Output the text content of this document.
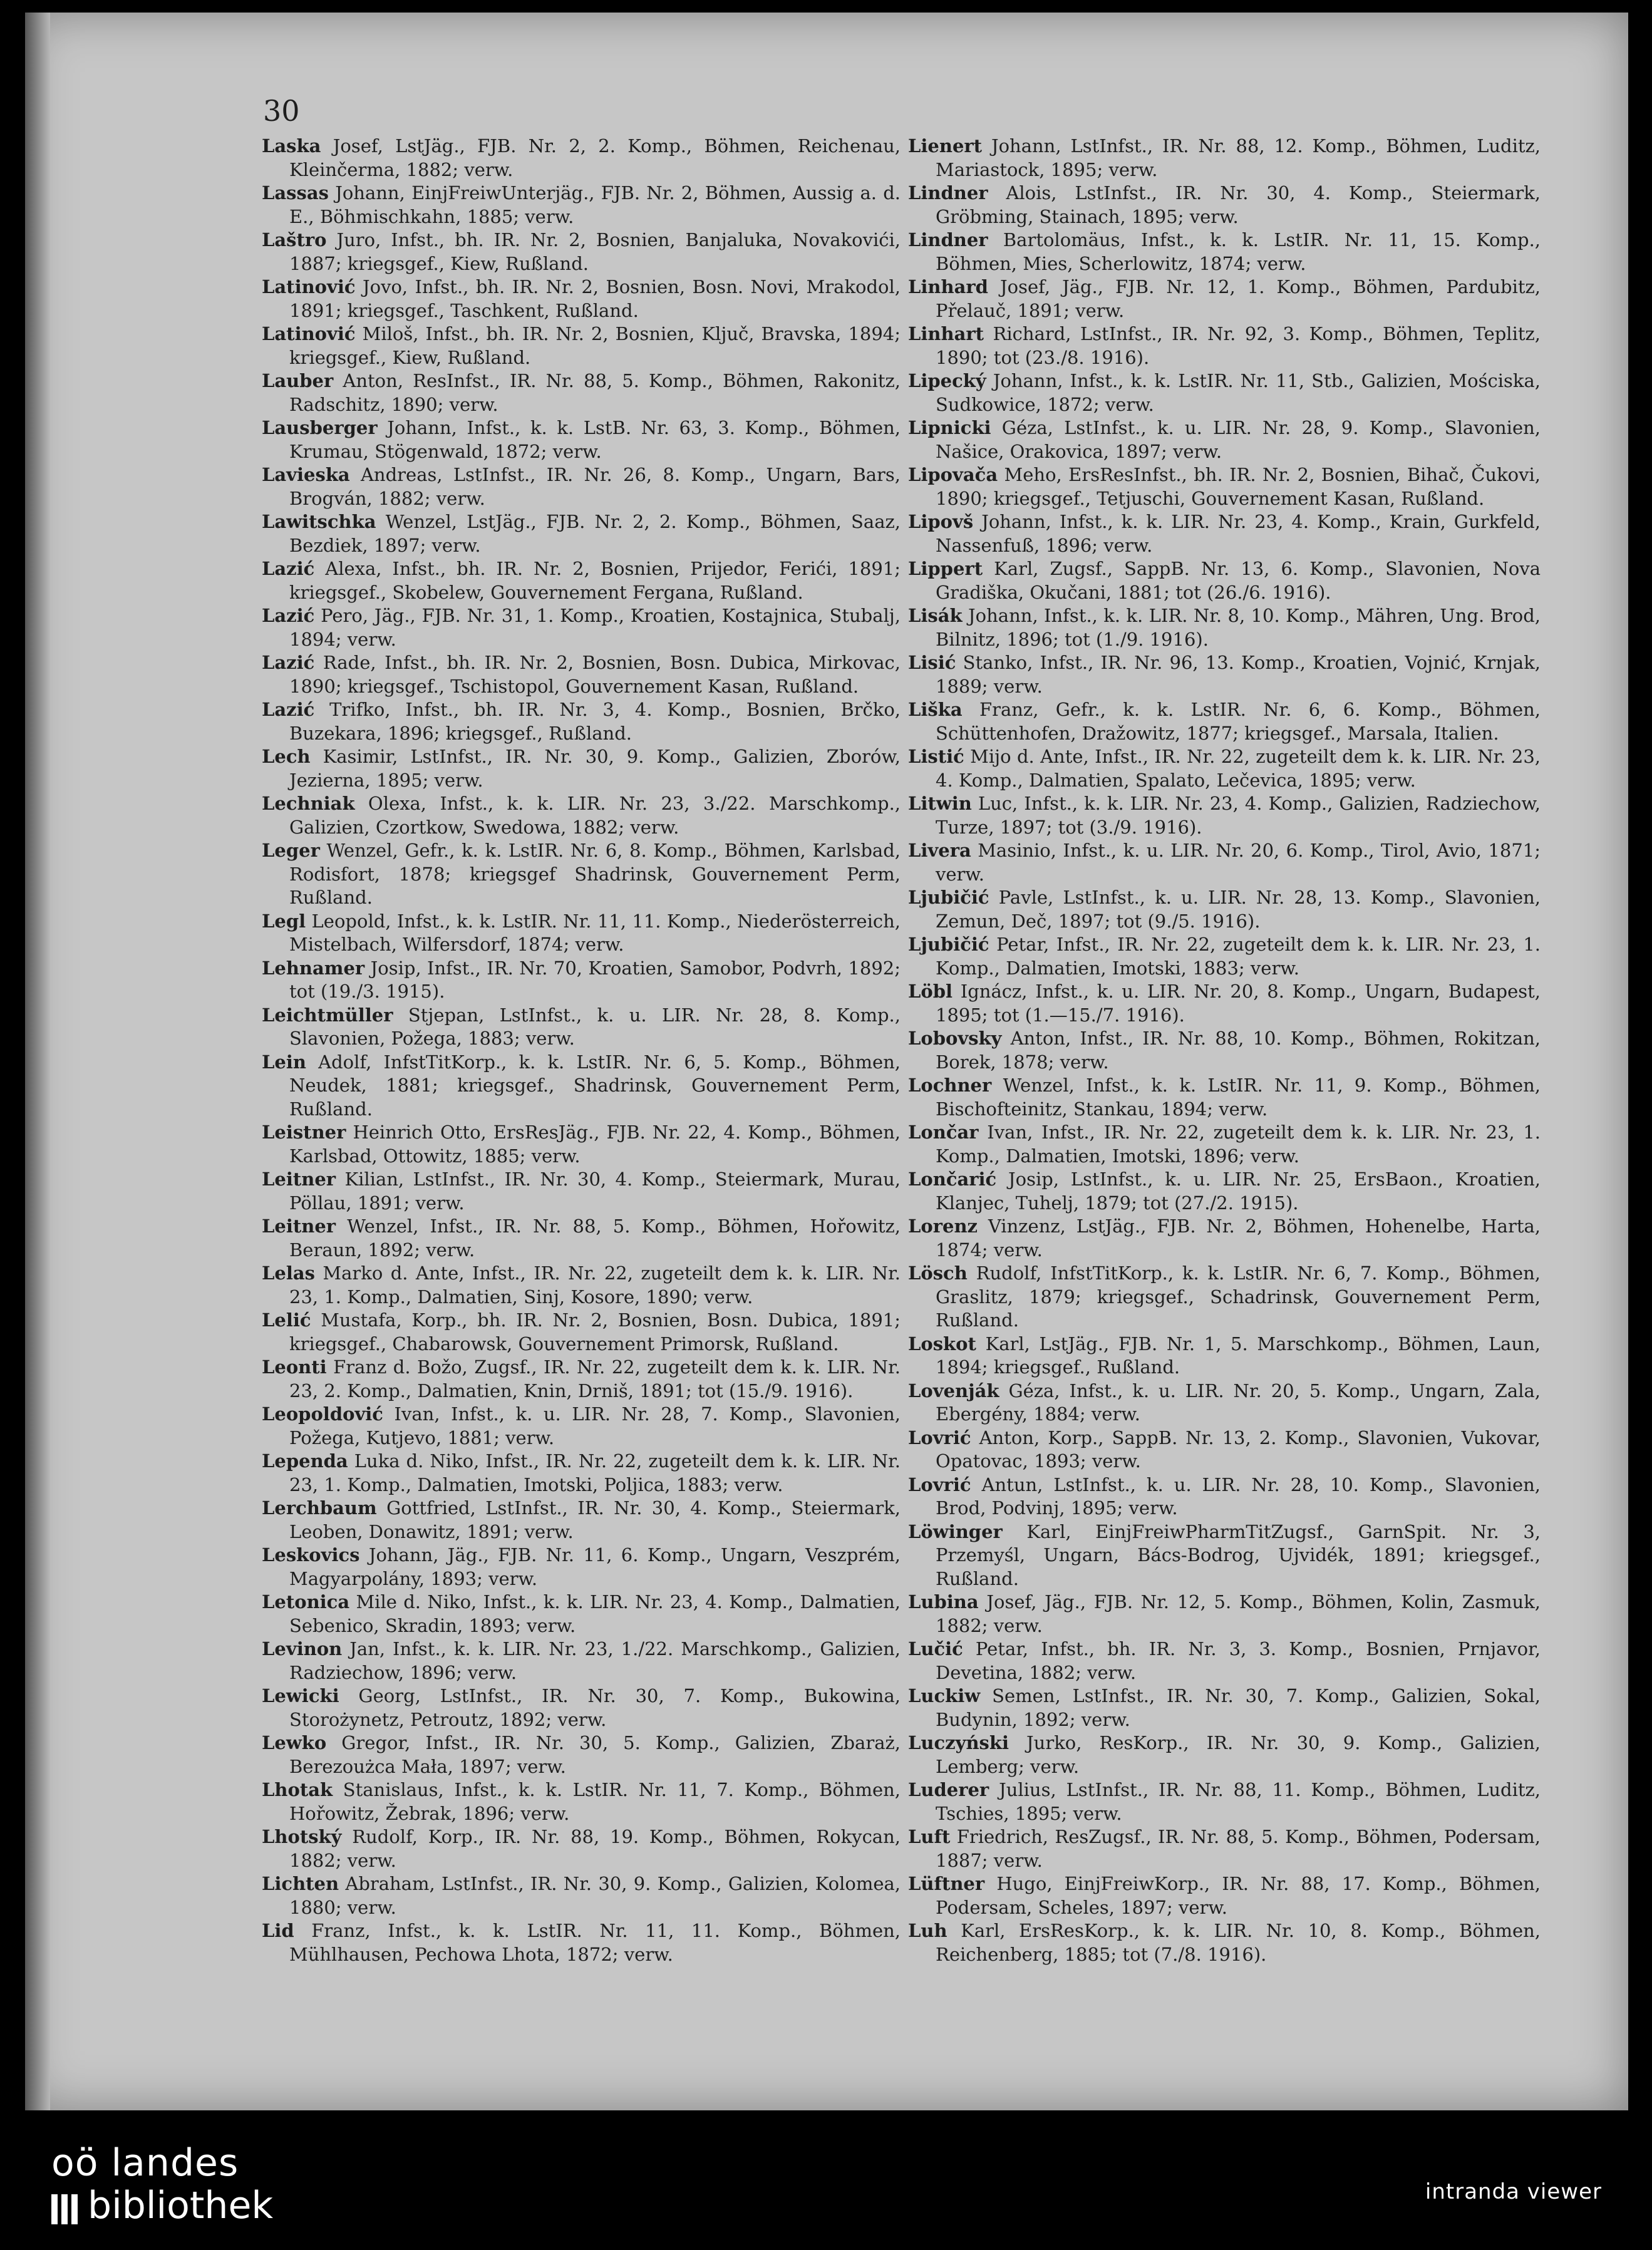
30

Laska Josef, LstJäg., FJB. Nr. 2, 2. Komp., Böhmen, Reichenau, Kleinčerma, 1882; verw.

Lassas Johann, EinjFreiwUnterjäg., FJB. Nr. 2, Böhmen, Aussig a. d. E., Böhmischkahn, 1885; verw.

Laštro Juro, Infst., bh. IR. Nr. 2, Bosnien, Banjaluka, Novakovići, 1887; kriegsgef., Kiew, Rußland.

Latinović Jovo, Infst., bh. IR. Nr. 2, Bosnien, Bosn. Novi, Mrakodol, 1891; kriegsgef., Taschkent, Rußland.

Latinović Miloš, Infst., bh. IR. Nr. 2, Bosnien, Ključ, Bravska, 1894; kriegsgef., Kiew, Rußland.

Lauber Anton, ResInfst., IR. Nr. 88, 5. Komp., Böhmen, Rakonitz, Radschitz, 1890; verw.

Lausberger Johann, Infst., k. k. LstB. Nr. 63, 3. Komp., Böhmen, Krumau, Stögenwald, 1872; verw.

Lavieska Andreas, LstInfst., IR. Nr. 26, 8. Komp., Ungarn, Bars, Brogván, 1882; verw.

Lawitschka Wenzel, LstJäg., FJB. Nr. 2, 2. Komp., Böhmen, Saaz, Bezdiek, 1897; verw.

Lazić Alexa, Infst., bh. IR. Nr. 2, Bosnien, Prijedor, Ferići, 1891; kriegsgef., Skobelew, Gouvernement Fergana, Rußland.

Lazić Pero, Jäg., FJB. Nr. 31, 1. Komp., Kroatien, Kostajnica, Stubalj, 1894; verw.

Lazić Rade, Infst., bh. IR. Nr. 2, Bosnien, Bosn. Dubica, Mirkovac, 1890; kriegsgef., Tschistopol, Gouvernement Kasan, Rußland.

Lazić Trifko, Infst., bh. IR. Nr. 3, 4. Komp., Bosnien, Brčko, Buzekara, 1896; kriegsgef., Rußland.

Lech Kasimir, LstInfst., IR. Nr. 30, 9. Komp., Galizien, Zborów, Jezierna, 1895; verw.

Lechniak Olexa, Infst., k. k. LIR. Nr. 23, 3./22. Marschkomp., Galizien, Czortkow, Swedowa, 1882; verw.

Leger Wenzel, Gefr., k. k. LstIR. Nr. 6, 8. Komp., Böhmen, Karlsbad, Rodisfort, 1878; kriegsgef Shadrinsk, Gouvernement Perm, Rußland.

Legl Leopold, Infst., k. k. LstIR. Nr. 11, 11. Komp., Niederösterreich, Mistelbach, Wilfersdorf, 1874; verw.

Lehnamer Josip, Infst., IR. Nr. 70, Kroatien, Samobor, Podvrh, 1892; tot (19./3. 1915).

Leichtmüller Stjepan, LstInfst., k. u. LIR. Nr. 28, 8. Komp., Slavonien, Požega, 1883; verw.

Lein Adolf, InfstTitKorp., k. k. LstIR. Nr. 6, 5. Komp., Böhmen, Neudek, 1881; kriegsgef., Shadrinsk, Gouvernement Perm, Rußland.

Leistner Heinrich Otto, ErsResJäg., FJB. Nr. 22, 4. Komp., Böhmen, Karlsbad, Ottowitz, 1885; verw.

Leitner Kilian, LstInfst., IR. Nr. 30, 4. Komp., Steiermark, Murau, Pöllau, 1891; verw.

Leitner Wenzel, Infst., IR. Nr. 88, 5. Komp., Böhmen, Hořowitz, Beraun, 1892; verw.

Lelas Marko d. Ante, Infst., IR. Nr. 22, zugeteilt dem k. k. LIR. Nr. 23, 1. Komp., Dalmatien, Sinj, Kosore, 1890; verw.

Lelić Mustafa, Korp., bh. IR. Nr. 2, Bosnien, Bosn. Dubica, 1891; kriegsgef., Chabarowsk, Gouvernement Primorsk, Rußland.

Leonti Franz d. Božo, Zugsf., IR. Nr. 22, zugeteilt dem k. k. LIR. Nr. 23, 2. Komp., Dalmatien, Knin, Drniš, 1891; tot (15./9. 1916).

Leopoldović Ivan, Infst., k. u. LIR. Nr. 28, 7. Komp., Slavonien, Požega, Kutjevo, 1881; verw.

Lependa Luka d. Niko, Infst., IR. Nr. 22, zugeteilt dem k. k. LIR. Nr. 23, 1. Komp., Dalmatien, Imotski, Poljica, 1883; verw.

Lerchbaum Gottfried, LstInfst., IR. Nr. 30, 4. Komp., Steiermark, Leoben, Donawitz, 1891; verw.

Leskovics Johann, Jäg., FJB. Nr. 11, 6. Komp., Ungarn, Veszprém, Magyarpolány, 1893; verw.

Letonica Mile d. Niko, Infst., k. k. LIR. Nr. 23, 4. Komp., Dalmatien, Sebenico, Skradin, 1893; verw.

Levinon Jan, Infst., k. k. LIR. Nr. 23, 1./22. Marschkomp., Galizien, Radziechow, 1896; verw.

Lewicki Georg, LstInfst., IR. Nr. 30, 7. Komp., Bukowina, Storożynetz, Petroutz, 1892; verw.

Lewko Gregor, Infst., IR. Nr. 30, 5. Komp., Galizien, Zbaraż, Berezoużca Mała, 1897; verw.

Lhotak Stanislaus, Infst., k. k. LstIR. Nr. 11, 7. Komp., Böhmen, Hořowitz, Žebrak, 1896; verw.

Lhotský Rudolf, Korp., IR. Nr. 88, 19. Komp., Böhmen, Rokycan, 1882; verw.

Lichten Abraham, LstInfst., IR. Nr. 30, 9. Komp., Galizien, Kolomea, 1880; verw.

Lid Franz, Infst., k. k. LstIR. Nr. 11, 11. Komp., Böhmen, Mühlhausen, Pechowa Lhota, 1872; verw.

Lienert Johann, LstInfst., IR. Nr. 88, 12. Komp., Böhmen, Luditz, Mariastock, 1895; verw.

Lindner Alois, LstInfst., IR. Nr. 30, 4. Komp., Steiermark, Gröbming, Stainach, 1895; verw.

Lindner Bartolomäus, Infst., k. k. LstIR. Nr. 11, 15. Komp., Böhmen, Mies, Scherlowitz, 1874; verw.

Linhard Josef, Jäg., FJB. Nr. 12, 1. Komp., Böhmen, Pardubitz, Přelauč, 1891; verw.

Linhart Richard, LstInfst., IR. Nr. 92, 3. Komp., Böhmen, Teplitz, 1890; tot (23./8. 1916).

Lipecký Johann, Infst., k. k. LstIR. Nr. 11, Stb., Galizien, Mościska, Sudkowice, 1872; verw.

Lipnicki Géza, LstInfst., k. u. LIR. Nr. 28, 9. Komp., Slavonien, Našice, Orakovica, 1897; verw.

Lipovača Meho, ErsResInfst., bh. IR. Nr. 2, Bosnien, Bihač, Čukovi, 1890; kriegsgef., Tetjuschi, Gouvernement Kasan, Rußland.

Lipovš Johann, Infst., k. k. LIR. Nr. 23, 4. Komp., Krain, Gurkfeld, Nassenfuß, 1896; verw.

Lippert Karl, Zugsf., SappB. Nr. 13, 6. Komp., Slavonien, Nova Gradiška, Okučani, 1881; tot (26./6. 1916).

Lisák Johann, Infst., k. k. LIR. Nr. 8, 10. Komp., Mähren, Ung. Brod, Bilnitz, 1896; tot (1./9. 1916).

Lisić Stanko, Infst., IR. Nr. 96, 13. Komp., Kroatien, Vojnić, Krnjak, 1889; verw.

Liška Franz, Gefr., k. k. LstIR. Nr. 6, 6. Komp., Böhmen, Schüttenhofen, Dražowitz, 1877; kriegsgef., Marsala, Italien.

Listić Mijo d. Ante, Infst., IR. Nr. 22, zugeteilt dem k. k. LIR. Nr. 23, 4. Komp., Dalmatien, Spalato, Lečevica, 1895; verw.

Litwin Luc, Infst., k. k. LIR. Nr. 23, 4. Komp., Galizien, Radziechow, Turze, 1897; tot (3./9. 1916).

Livera Masinio, Infst., k. u. LIR. Nr. 20, 6. Komp., Tirol, Avio, 1871; verw.

Ljubičić Pavle, LstInfst., k. u. LIR. Nr. 28, 13. Komp., Slavonien, Zemun, Deč, 1897; tot (9./5. 1916).

Ljubičić Petar, Infst., IR. Nr. 22, zugeteilt dem k. k. LIR. Nr. 23, 1. Komp., Dalmatien, Imotski, 1883; verw.

Löbl Ignácz, Infst., k. u. LIR. Nr. 20, 8. Komp., Ungarn, Budapest, 1895; tot (1.—15./7. 1916).

Lobovsky Anton, Infst., IR. Nr. 88, 10. Komp., Böhmen, Rokitzan, Borek, 1878; verw.

Lochner Wenzel, Infst., k. k. LstIR. Nr. 11, 9. Komp., Böhmen, Bischofteinitz, Stankau, 1894; verw.

Lončar Ivan, Infst., IR. Nr. 22, zugeteilt dem k. k. LIR. Nr. 23, 1. Komp., Dalmatien, Imotski, 1896; verw.

Lončarić Josip, LstInfst., k. u. LIR. Nr. 25, ErsBaon., Kroatien, Klanjec, Tuhelj, 1879; tot (27./2. 1915).

Lorenz Vinzenz, LstJäg., FJB. Nr. 2, Böhmen, Hohenelbe, Harta, 1874; verw.

Lösch Rudolf, InfstTitKorp., k. k. LstIR. Nr. 6, 7. Komp., Böhmen, Graslitz, 1879; kriegsgef., Schadrinsk, Gouvernement Perm, Rußland.

Loskot Karl, LstJäg., FJB. Nr. 1, 5. Marschkomp., Böhmen, Laun, 1894; kriegsgef., Rußland.

Lovenják Géza, Infst., k. u. LIR. Nr. 20, 5. Komp., Ungarn, Zala, Ebergény, 1884; verw.

Lovrić Anton, Korp., SappB. Nr. 13, 2. Komp., Slavonien, Vukovar, Opatovac, 1893; verw.

Lovrić Antun, LstInfst., k. u. LIR. Nr. 28, 10. Komp., Slavonien, Brod, Podvinj, 1895; verw.

Löwinger Karl, EinjFreiwPharmTitZugsf., GarnSpit. Nr. 3, Przemyśl, Ungarn, Bács-Bodrog, Ujvidék, 1891; kriegsgef., Rußland.

Lubina Josef, Jäg., FJB. Nr. 12, 5. Komp., Böhmen, Kolin, Zasmuk, 1882; verw.

Lučić Petar, Infst., bh. IR. Nr. 3, 3. Komp., Bosnien, Prnjavor, Devetina, 1882; verw.

Luckiw Semen, LstInfst., IR. Nr. 30, 7. Komp., Galizien, Sokal, Budynin, 1892; verw.

Luczyński Jurko, ResKorp., IR. Nr. 30, 9. Komp., Galizien, Lemberg; verw.

Luderer Julius, LstInfst., IR. Nr. 88, 11. Komp., Böhmen, Luditz, Tschies, 1895; verw.

Luft Friedrich, ResZugsf., IR. Nr. 88, 5. Komp., Böhmen, Podersam, 1887; verw.

Lüftner Hugo, EinjFreiwKorp., IR. Nr. 88, 17. Komp., Böhmen, Podersam, Scheles, 1897; verw.

Luh Karl, ErsResKorp., k. k. LIR. Nr. 10, 8. Komp., Böhmen, Reichenberg, 1885; tot (7./8. 1916).

oö landes
bibliothek	intranda viewer
